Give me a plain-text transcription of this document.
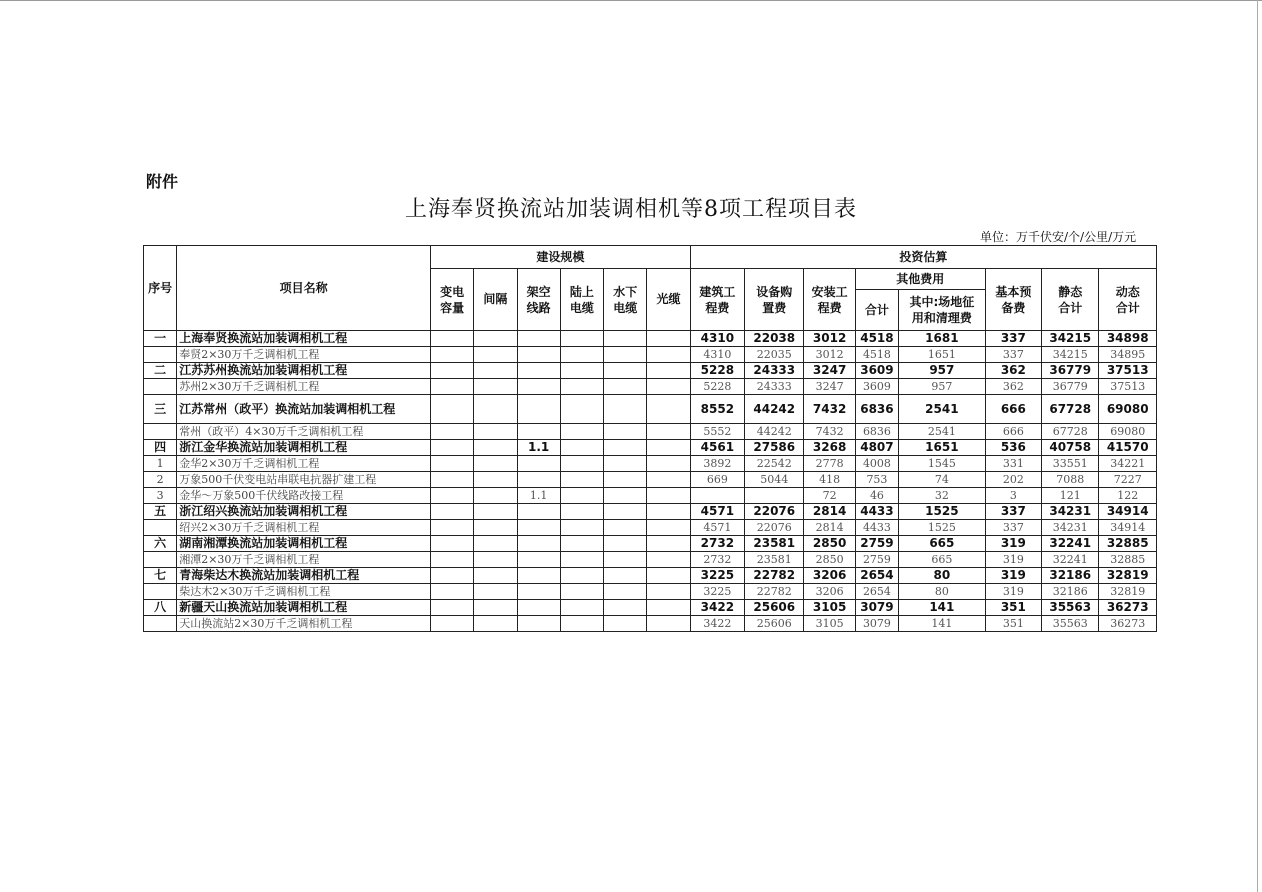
附件
上海奉贤换流站加装调相机等8项工程项目表
单位：万千伏安/个/公里/万元
序号	项目名称	建设规模						投资估算							
		变电容量	间隔	架空线路	陆上电缆	水下电缆	光缆	建筑工程费	设备购置费	安装工程费	其他费用		基本预备费	静态合计	动态合计
											合计	其中:场地征用和清理费			
一	上海奉贤换流站加装调相机工程							4310	22038	3012	4518	1681	337	34215	34898
	奉贤2×30万千乏调相机工程							4310	22035	3012	4518	1651	337	34215	34895
二	江苏苏州换流站加装调相机工程							5228	24333	3247	3609	957	362	36779	37513
	苏州2×30万千乏调相机工程							5228	24333	3247	3609	957	362	36779	37513
三	江苏常州（政平）换流站加装调相机工程							8552	44242	7432	6836	2541	666	67728	69080
	常州（政平）4×30万千乏调相机工程							5552	44242	7432	6836	2541	666	67728	69080
四	浙江金华换流站加装调相机工程			1.1				4561	27586	3268	4807	1651	536	40758	41570
1	金华2×30万千乏调相机工程							3892	22542	2778	4008	1545	331	33551	34221
2	万象500千伏变电站串联电抗器扩建工程							669	5044	418	753	74	202	7088	7227
3	金华～万象500千伏线路改接工程			1.1						72	46	32	3	121	122
五	浙江绍兴换流站加装调相机工程							4571	22076	2814	4433	1525	337	34231	34914
	绍兴2×30万千乏调相机工程							4571	22076	2814	4433	1525	337	34231	34914
六	湖南湘潭换流站加装调相机工程							2732	23581	2850	2759	665	319	32241	32885
	湘潭2×30万千乏调相机工程							2732	23581	2850	2759	665	319	32241	32885
七	青海柴达木换流站加装调相机工程							3225	22782	3206	2654	80	319	32186	32819
	柴达木2×30万千乏调相机工程							3225	22782	3206	2654	80	319	32186	32819
八	新疆天山换流站加装调相机工程							3422	25606	3105	3079	141	351	35563	36273
	天山换流站2×30万千乏调相机工程							3422	25606	3105	3079	141	351	35563	36273
